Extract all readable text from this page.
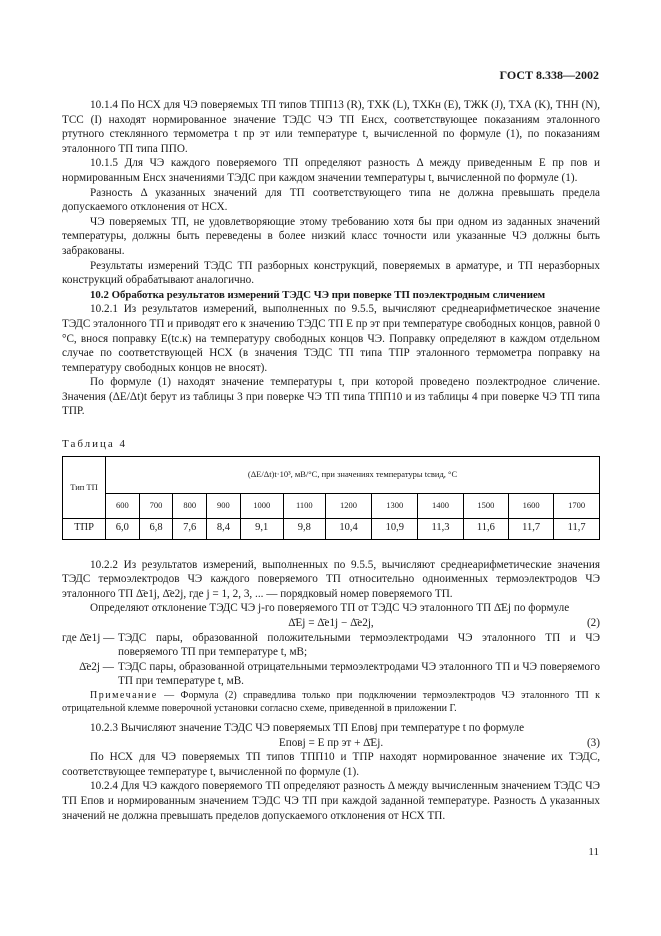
ГОСТ 8.338—2002

10.1.4 По НСХ для ЧЭ поверяемых ТП типов ТПП13 (R), ТХК (L), ТХКн (Е), ТЖК (J), ТХА (K), ТНН (N), ТСС (I) находят нормированное значение ТЭДС ЧЭ ТП Eнсх, соответствующее показаниям эталонного ртутного стеклянного термометра t пр эт или температуре t, вычисленной по формуле (1), по показаниям эталонного ТП типа ППО.

10.1.5 Для ЧЭ каждого поверяемого ТП определяют разность Δ между приведенным E пр пов и нормированным Eнсх значениями ТЭДС при каждом значении температуры t, вычисленной по формуле (1).

Разность Δ указанных значений для ТП соответствующего типа не должна превышать предела допускаемого отклонения от НСХ.

ЧЭ поверяемых ТП, не удовлетворяющие этому требованию хотя бы при одном из заданных значений температуры, должны быть переведены в более низкий класс точности или указанные ЧЭ должны быть забракованы.

Результаты измерений ТЭДС ТП разборных конструкций, поверяемых в арматуре, и ТП неразборных конструкций обрабатывают аналогично.

10.2 Обработка результатов измерений ТЭДС ЧЭ при поверке ТП поэлектродным сличением

10.2.1 Из результатов измерений, выполненных по 9.5.5, вычисляют среднеарифметическое значение ТЭДС эталонного ТП и приводят его к значению ТЭДС ТП E пр эт при температуре свободных концов, равной 0 °С, внося поправку E(tс.к) на температуру свободных концов ЧЭ. Поправку определяют в каждом отдельном случае по соответствующей НСХ (в значения ТЭДС ТП типа ТПР эталонного термометра поправку на температуру свободных концов не вносят).

По формуле (1) находят значение температуры t, при которой проведено поэлектродное сличение. Значения (ΔE/Δt)t берут из таблицы 3 при поверке ЧЭ ТП типа ТПП10 и из таблицы 4 при поверке ЧЭ ТП типа ТПР.

Таблица 4
Тип ТП	(ΔE/Δt)t·10³, мВ/°С, при значениях температуры tсвид, °С											
	600	700	800	900	1000	1100	1200	1300	1400	1500	1600	1700
ТПР	6,0	6,8	7,6	8,4	9,1	9,8	10,4	10,9	11,3	11,6	11,7	11,7

10.2.2 Из результатов измерений, выполненных по 9.5.5, вычисляют среднеарифметические значения ТЭДС термоэлектродов ЧЭ каждого поверяемого ТП относительно одноименных термоэлектродов ЧЭ эталонного ТП Δ̄e1j, Δ̄e2j, где j = 1, 2, 3, ... — порядковый номер поверяемого ТП.

Определяют отклонение ТЭДС ЧЭ j-го поверяемого ТП от ТЭДС ЧЭ эталонного ТП Δ̄Ej по формуле

Δ̄Ej = Δ̄e1j − Δ̄e2j,	(2)

где Δ̄e1j — ТЭДС пары, образованной положительными термоэлектродами ЧЭ эталонного ТП и ЧЭ поверяемого ТП при температуре t, мВ;
Δ̄e2j — ТЭДС пары, образованной отрицательными термоэлектродами ЧЭ эталонного ТП и ЧЭ поверяемого ТП при температуре t, мВ.

Примечание — Формула (2) справедлива только при подключении термоэлектродов ЧЭ эталонного ТП к отрицательной клемме поверочной установки согласно схеме, приведенной в приложении Г.

10.2.3 Вычисляют значение ТЭДС ЧЭ поверяемых ТП Eповj при температуре t по формуле

Eповj = E пр эт + Δ̄Ej.	(3)

По НСХ для ЧЭ поверяемых ТП типов ТПП10 и ТПР находят нормированное значение их ТЭДС, соответствующее температуре t, вычисленной по формуле (1).

10.2.4 Для ЧЭ каждого поверяемого ТП определяют разность Δ между вычисленным значением ТЭДС ЧЭ ТП Eпов и нормированным значением ТЭДС ЧЭ ТП при каждой заданной температуре. Разность Δ указанных значений не должна превышать пределов допускаемого отклонения от НСХ ТП.

11
